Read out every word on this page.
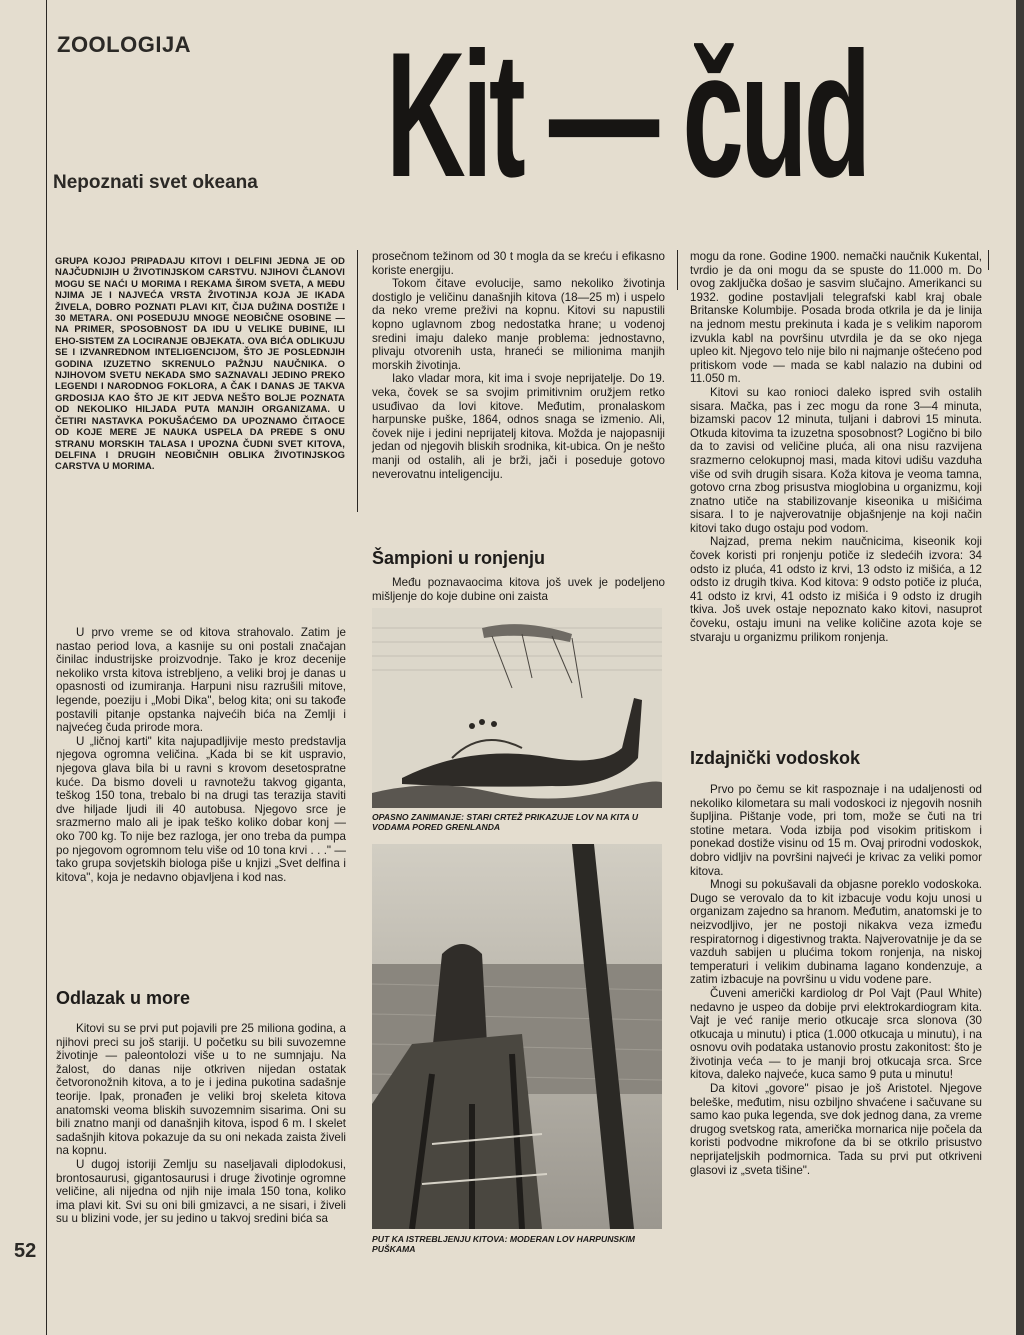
ZOOLOGIJA
Nepoznati svet okeana Kit — čud
GRUPA KOJOJ PRIPADAJU KITOVI I DELFINI JEDNA JE OD NAJČUDNIJIH U ŽIVOTINJSKOM CARSTVU. NJIHOVI ČLANOVI MOGU SE NAĆI U MORIMA I REKAMA ŠIROM SVETA, A MEĐU NJIMA JE I NAJVEĆA VRSTA ŽIVOTINJA KOJA JE IKADA ŽIVELA, DOBRO POZNATI PLAVI KIT, ČIJA DUŽINA DOSTIŽE I 30 METARA. ONI POSEDUJU MNOGE NEOBIČNE OSOBINE — NA PRIMER, SPOSOBNOST DA IDU U VELIKE DUBINE, ILI EHO-SISTEM ZA LOCIRANJE OBJEKATA. OVA BIĆA ODLIKUJU SE I IZVANREDNOM INTELIGENCIJOM, ŠTO JE POSLEDNJIH GODINA IZUZETNO SKRENULO PAŽNJU NAUČNIKA. O NJIHOVOM SVETU NEKADA SMO SAZNAVALI JEDINO PREKO LEGENDI I NARODNOG FOKLORA, A ČAK I DANAS JE TAKVA GRDOSIJA KAO ŠTO JE KIT JEDVA NEŠTO BOLJE POZNATA OD NEKOLIKO HILJADA PUTA MANJIH ORGANIZAMA. U ČETIRI NASTAVKA POKUŠAĆEMO DA UPOZNAMO ČITAOCE OD KOJE MERE JE NAUKA USPELA DA PREĐE S ONU STRANU MORSKIH TALASA I UPOZNA ČUDNI SVET KITOVA, DELFINA I DRUGIH NEOBIČNIH OBLIKA ŽIVOTINJSKOG CARSTVA U MORIMA.

U prvo vreme se od kitova strahovalo. Zatim je nastao period lova, a kasnije su oni postali značajan činilac industrijske proizvodnje. Tako je kroz decenije nekoliko vrsta kitova istrebljeno, a veliki broj je danas u opasnosti od izumiranja. Harpuni nisu razrušili mitove, legende, poeziju i „Mobi Dika", belog kita; oni su takođe postavili pitanje opstanka najvećih bića na Zemlji i najvećeg čuda prirode mora.

U „ličnoj karti" kita najupadljivije mesto predstavlja njegova ogromna veličina. „Kada bi se kit uspravio, njegova glava bila bi u ravni s krovom desetospratne kuće. Da bismo doveli u ravnotežu takvog giganta, teškog 150 tona, trebalo bi na drugi tas terazija staviti dve hiljade ljudi ili 40 autobusa. Njegovo srce je srazmerno malo ali je ipak teško koliko dobar konj — oko 700 kg. To nije bez razloga, jer ono treba da pumpa po njegovom ogromnom telu više od 10 tona krvi . . ." — tako grupa sovjetskih biologa piše u knjizi „Svet delfina i kitova", koja je nedavno objavljena i kod nas.

Odlazak u more

Kitovi su se prvi put pojavili pre 25 miliona godina, a njihovi preci su još stariji. U početku su bili suvozemne životinje — paleontolozi više u to ne sumnjaju. Na žalost, do danas nije otkriven nijedan ostatak četvoronožnih kitova, a to je i jedina pukotina sadašnje teorije. Ipak, pronađen je veliki broj skeleta kitova anatomski veoma bliskih suvozemnim sisarima. Oni su bili znatno manji od današnjih kitova, ispod 6 m. I skelet sadašnjih kitova pokazuje da su oni nekada zaista živeli na kopnu.

U dugoj istoriji Zemlju su naseljavali diplodokusi, brontosaurusi, gigantosaurusi i druge životinje ogromne veličine, ali nijedna od njih nije imala 150 tona, koliko ima plavi kit. Svi su oni bili gmizavci, a ne sisari, i živeli su u blizini vode, jer su jedino u takvoj sredini bića sa

prosečnom težinom od 30 t mogla da se kreću i efikasno koriste energiju.

Tokom čitave evolucije, samo nekoliko životinja dostiglo je veličinu današnjih kitova (18—25 m) i uspelo da neko vreme preživi na kopnu. Kitovi su napustili kopno uglavnom zbog nedostatka hrane; u vodenoj sredini imaju daleko manje problema: jednostavno, plivaju otvorenih usta, hraneći se milionima manjih morskih životinja.

Iako vladar mora, kit ima i svoje neprijatelje. Do 19. veka, čovek se sa svojim primitivnim oružjem retko usuđivao da lovi kitove. Međutim, pronalaskom harpunske puške, 1864, odnos snaga se izmenio. Ali, čovek nije i jedini neprijatelj kitova. Možda je najopasniji jedan od njegovih bliskih srodnika, kit-ubica. On je nešto manji od ostalih, ali je brži, jači i poseduje gotovo neverovatnu inteligenciju.

Šampioni u ronjenju

Među poznavaocima kitova još uvek je podeljeno mišljenje do koje dubine oni zaista

OPASNO ZANIMANJE: STARI CRTEŽ PRIKAZUJE LOV NA KITA U VODAMA PORED GRENLANDA
PUT KA ISTREBLJENJU KITOVA: MODERAN LOV HARPUNSKIM PUŠKAMA

mogu da rone. Godine 1900. nemački naučnik Kukental, tvrdio je da oni mogu da se spuste do 11.000 m. Do ovog zaključka došao je sasvim slučajno. Amerikanci su 1932. godine postavljali telegrafski kabl kraj obale Britanske Kolumbije. Posada broda otkrila je da je linija na jednom mestu prekinuta i kada je s velikim naporom izvukla kabl na površinu utvrdila je da se oko njega upleo kit. Njegovo telo nije bilo ni najmanje oštećeno pod pritiskom vode — mada se kabl nalazio na dubini od 11.050 m.

Kitovi su kao ronioci daleko ispred svih ostalih sisara. Mačka, pas i zec mogu da rone 3—4 minuta, bizamski pacov 12 minuta, tuljani i dabrovi 15 minuta. Otkuda kitovima ta izuzetna sposobnost? Logično bi bilo da to zavisi od veličine pluća, ali ona nisu razvijena srazmerno celokupnoj masi, mada kitovi udišu vazduha više od svih drugih sisara. Koža kitova je veoma tamna, gotovo crna zbog prisustva mioglobina u organizmu, koji znatno utiče na stabilizovanje kiseonika u mišićima sisara. I to je najverovatnije objašnjenje na koji način kitovi tako dugo ostaju pod vodom.

Najzad, prema nekim naučnicima, kiseonik koji čovek koristi pri ronjenju potiče iz sledećih izvora: 34 odsto iz pluća, 41 odsto iz krvi, 13 odsto iz mišića, a 12 odsto iz drugih tkiva. Kod kitova: 9 odsto potiče iz pluća, 41 odsto iz krvi, 41 odsto iz mišića i 9 odsto iz drugih tkiva. Još uvek ostaje nepoznato kako kitovi, nasuprot čoveku, ostaju imuni na velike količine azota koje se stvaraju u organizmu prilikom ronjenja.

Izdajnički vodoskok

Prvo po čemu se kit raspoznaje i na udaljenosti od nekoliko kilometara su mali vodoskoci iz njegovih nosnih šupljina. Pištanje vode, pri tom, može se čuti na tri stotine metara. Voda izbija pod visokim pritiskom i ponekad dostiže visinu od 15 m. Ovaj prirodni vodoskok, dobro vidljiv na površini najveći je krivac za veliki pomor kitova.

Mnogi su pokušavali da objasne poreklo vodoskoka. Dugo se verovalo da to kit izbacuje vodu koju unosi u organizam zajedno sa hranom. Međutim, anatomski je to neizvodljivo, jer ne postoji nikakva veza između respiratornog i digestivnog trakta. Najverovatnije je da se vazduh sabijen u plućima tokom ronjenja, na niskoj temperaturi i velikim dubinama lagano kondenzuje, a zatim izbacuje na površinu u vidu vodene pare.

Čuveni američki kardiolog dr Pol Vajt (Paul White) nedavno je uspeo da dobije prvi elektrokardiogram kita. Vajt je već ranije merio otkucaje srca slonova (30 otkucaja u minutu) i ptica (1.000 otkucaja u minutu), i na osnovu ovih podataka ustanovio prostu zakonitost: što je životinja veća — to je manji broj otkucaja srca. Srce kitova, daleko najveće, kuca samo 9 puta u minutu!

Da kitovi „govore" pisao je još Aristotel. Njegove beleške, međutim, nisu ozbiljno shvaćene i sačuvane su samo kao puka legenda, sve dok jednog dana, za vreme drugog svetskog rata, američka mornarica nije počela da koristi podvodne mikrofone da bi se otkrilo prisustvo neprijateljskih podmornica. Tada su prvi put otkriveni glasovi iz „sveta tišine".

52
